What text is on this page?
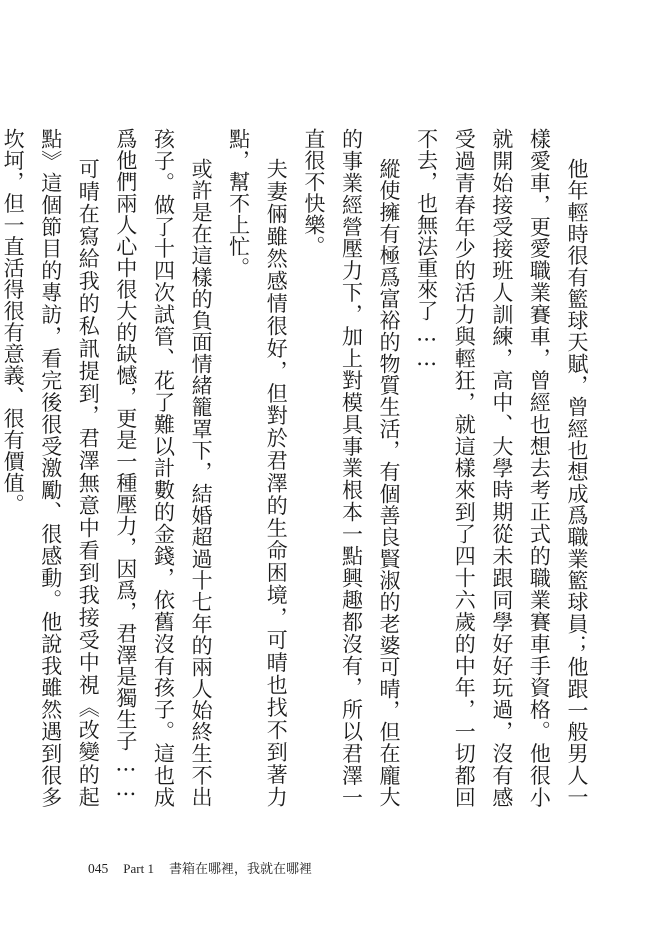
他年輕時很有籃球天賦，曾經也想成爲職業籃球員；他跟一般男人一樣愛車，更愛職業賽車，曾經也想去考正式的職業賽車手資格。他很小就開始接受接班人訓練，高中、大學時期從未跟同學好好玩過，沒有感受過青春年少的活力與輕狂，就這樣來到了四十六歲的中年，一切都回不去，也無法重來了……

縱使擁有極爲富裕的物質生活，有個善良賢淑的老婆可晴，但在龐大的事業經營壓力下，加上對模具事業根本一點興趣都沒有，所以君澤一直很不快樂。

夫妻倆雖然感情很好，但對於君澤的生命困境，可晴也找不到著力點，幫不上忙。

或許是在這樣的負面情緒籠罩下，結婚超過十七年的兩人始終生不出孩子。做了十四次試管、花了難以計數的金錢，依舊沒有孩子。這也成爲他們兩人心中很大的缺憾，更是一種壓力，因爲，君澤是獨生子……

可晴在寫給我的私訊提到，君澤無意中看到我接受中視《改變的起點》這個節目的專訪，看完後很受激勵、很感動。他說我雖然遇到很多坎坷，但一直活得很有意義、很有價值。

045 Part 1 書箱在哪裡，我就在哪裡
